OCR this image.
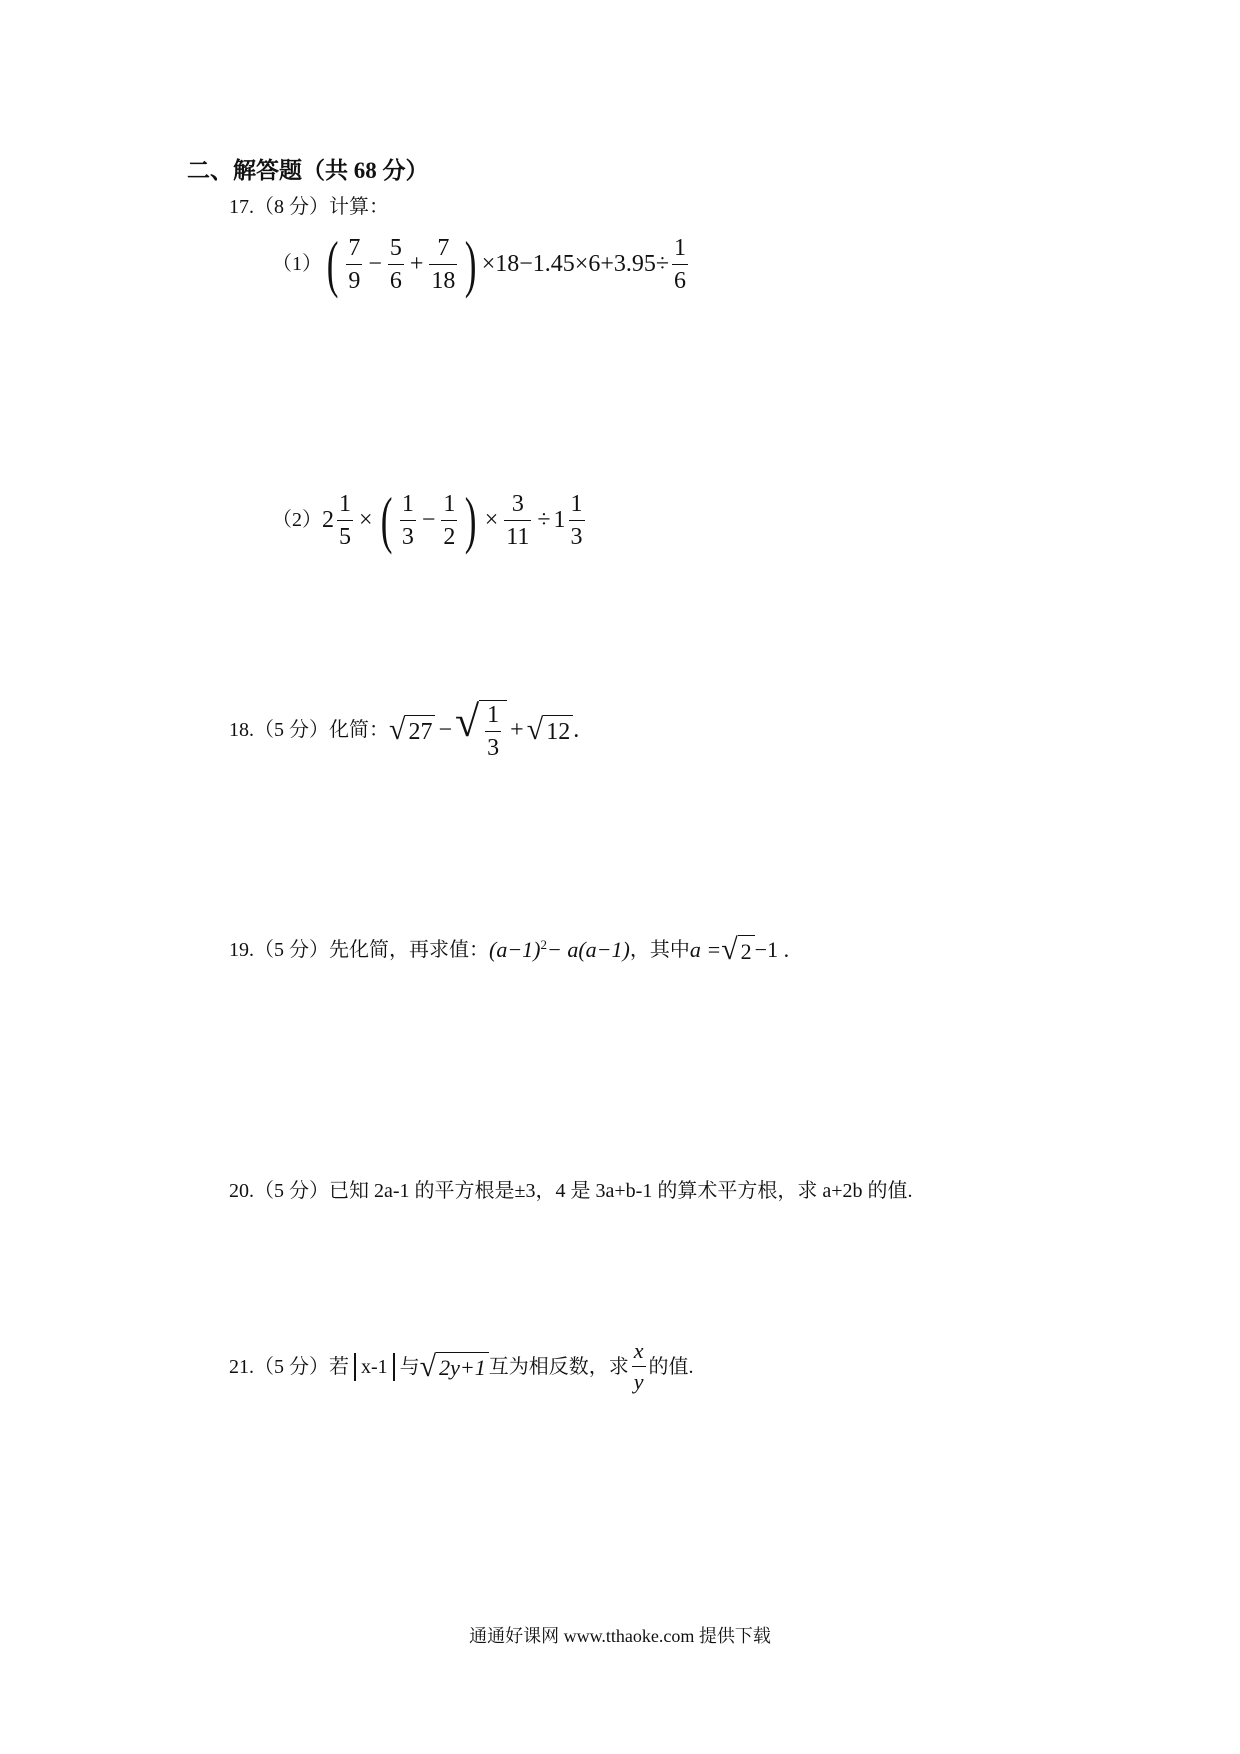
二、解答题（共 68 分）
17.（8 分）计算：
（1） ( $\frac{7}{9} - \frac{5}{6} + \frac{7}{18}$ ) $\times 18-1.45\times 6+3.95\div \frac{1}{6}$
（2） $2 \frac{1}{5}$ × ( $\frac{1}{3} - \frac{1}{2}$ ) × $\frac{3}{11} \div 1 \frac{1}{3}$
18.（5 分）化简： √ 27 − √ $\frac{1}{3}$ + √ 12 .
19.（5 分）先化简，再求值： $(a-1)^2 - a(a-1)$ ，其中 a = √ 2 −1 .
20.（5 分）已知 2a-1 的平方根是±3，4 是 3a+b-1 的算术平方根，求 a+2b 的值.
21.（5 分）若 x-1 与 √ 2y+1 互为相反数，求 $\frac{x}{y}$ 的值.
通通好课网 www.tthaoke.com 提供下载
